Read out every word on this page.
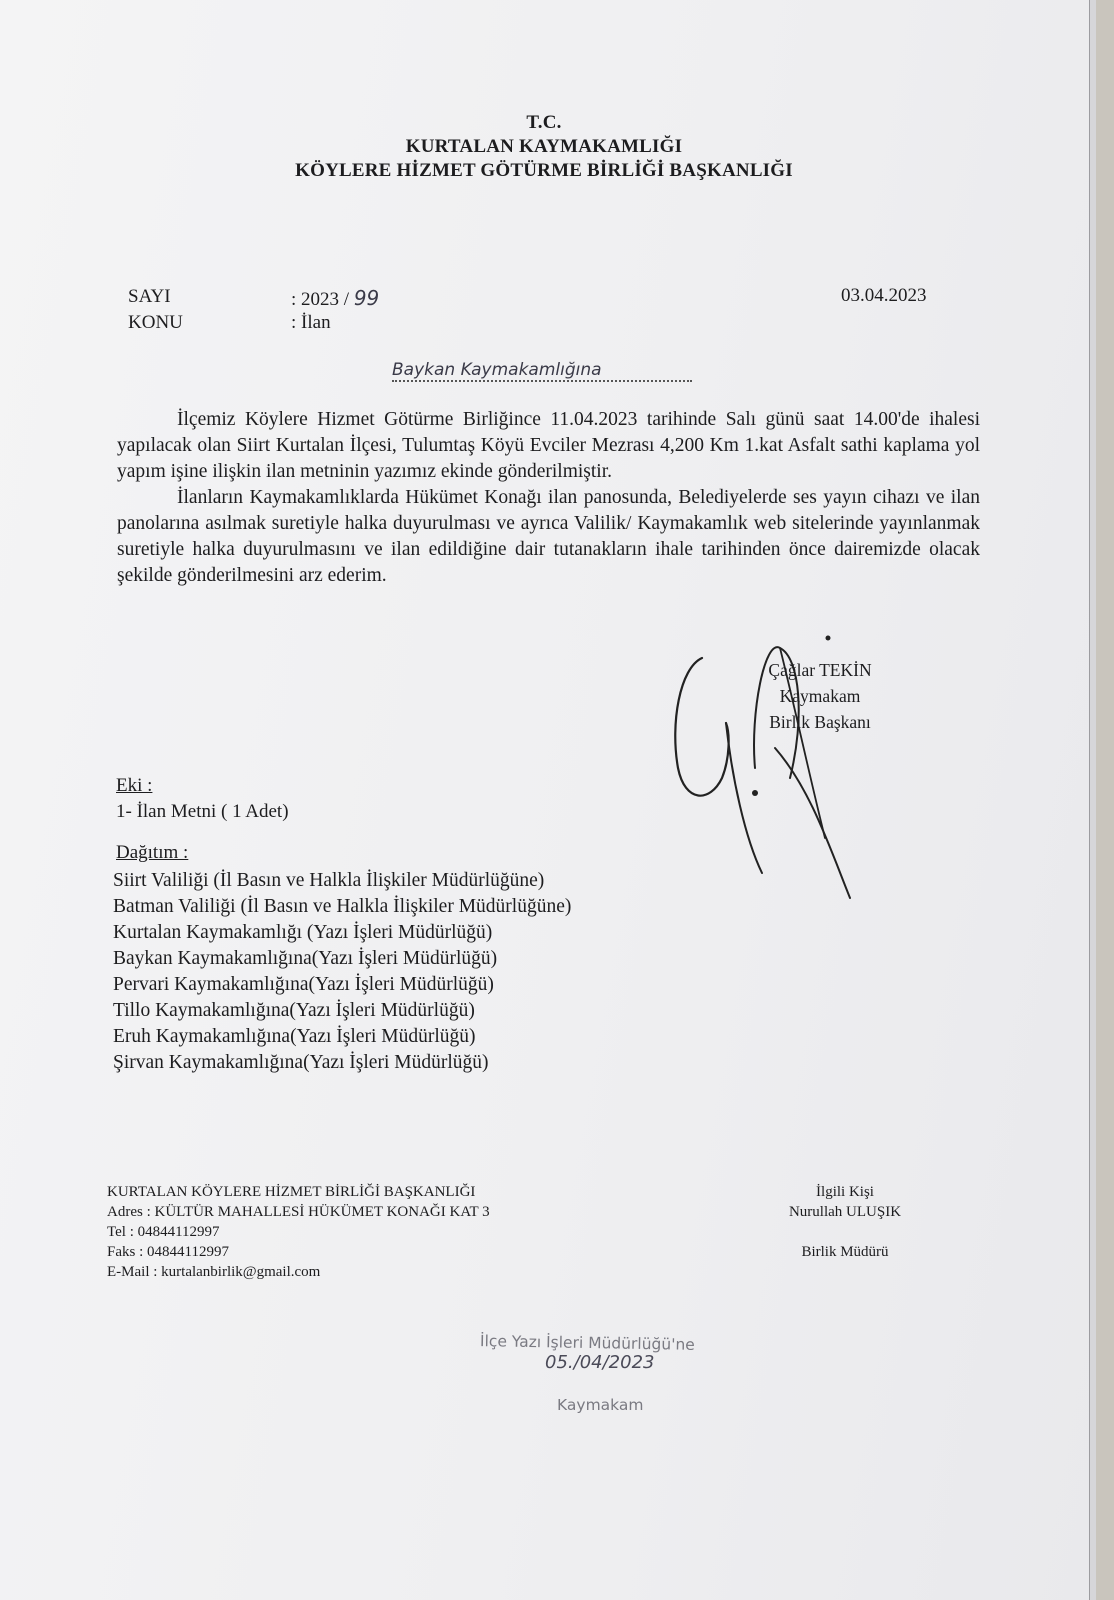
T.C.
KURTALAN KAYMAKAMLIĞI
KÖYLERE HİZMET GÖTÜRME BİRLİĞİ BAŞKANLIĞI
SAYI	: 2023 / 99	03.04.2023
KONU	: İlan
Baykan Kaymakamlığına

İlçemiz Köylere Hizmet Götürme Birliğince 11.04.2023 tarihinde Salı günü saat 14.00'de ihalesi yapılacak olan Siirt Kurtalan İlçesi, Tulumtaş Köyü Evciler Mezrası 4,200 Km 1.kat Asfalt sathi kaplama yol yapım işine ilişkin ilan metninin yazımız ekinde gönderilmiştir.

İlanların Kaymakamlıklarda Hükümet Konağı ilan panosunda, Belediyelerde ses yayın cihazı ve ilan panolarına asılmak suretiyle halka duyurulması ve ayrıca Valilik/ Kaymakamlık web sitelerinde yayınlanmak suretiyle halka duyurulmasını ve ilan edildiğine dair tutanakların ihale tarihinden önce dairemizde olacak şekilde gönderilmesini arz ederim.

Çağlar TEKİN
Kaymakam
Birlik Başkanı
Eki :
1- İlan Metni ( 1 Adet)
Dağıtım :
Siirt Valiliği (İl Basın ve Halkla İlişkiler Müdürlüğüne)
Batman Valiliği (İl Basın ve Halkla İlişkiler Müdürlüğüne)
Kurtalan Kaymakamlığı (Yazı İşleri Müdürlüğü)
Baykan Kaymakamlığına(Yazı İşleri Müdürlüğü)
Pervari Kaymakamlığına(Yazı İşleri Müdürlüğü)
Tillo Kaymakamlığına(Yazı İşleri Müdürlüğü)
Eruh Kaymakamlığına(Yazı İşleri Müdürlüğü)
Şirvan Kaymakamlığına(Yazı İşleri Müdürlüğü)
KURTALAN KÖYLERE HİZMET BİRLİĞİ BAŞKANLIĞI
Adres : KÜLTÜR MAHALLESİ HÜKÜMET KONAĞI KAT 3
Tel : 04844112997
Faks : 04844112997
E-Mail : kurtalanbirlik@gmail.com
İlgili Kişi
Nurullah ULUŞIK
Birlik Müdürü
İlçe Yazı İşleri Müdürlüğü'ne
05./04/2023
Kaymakam
